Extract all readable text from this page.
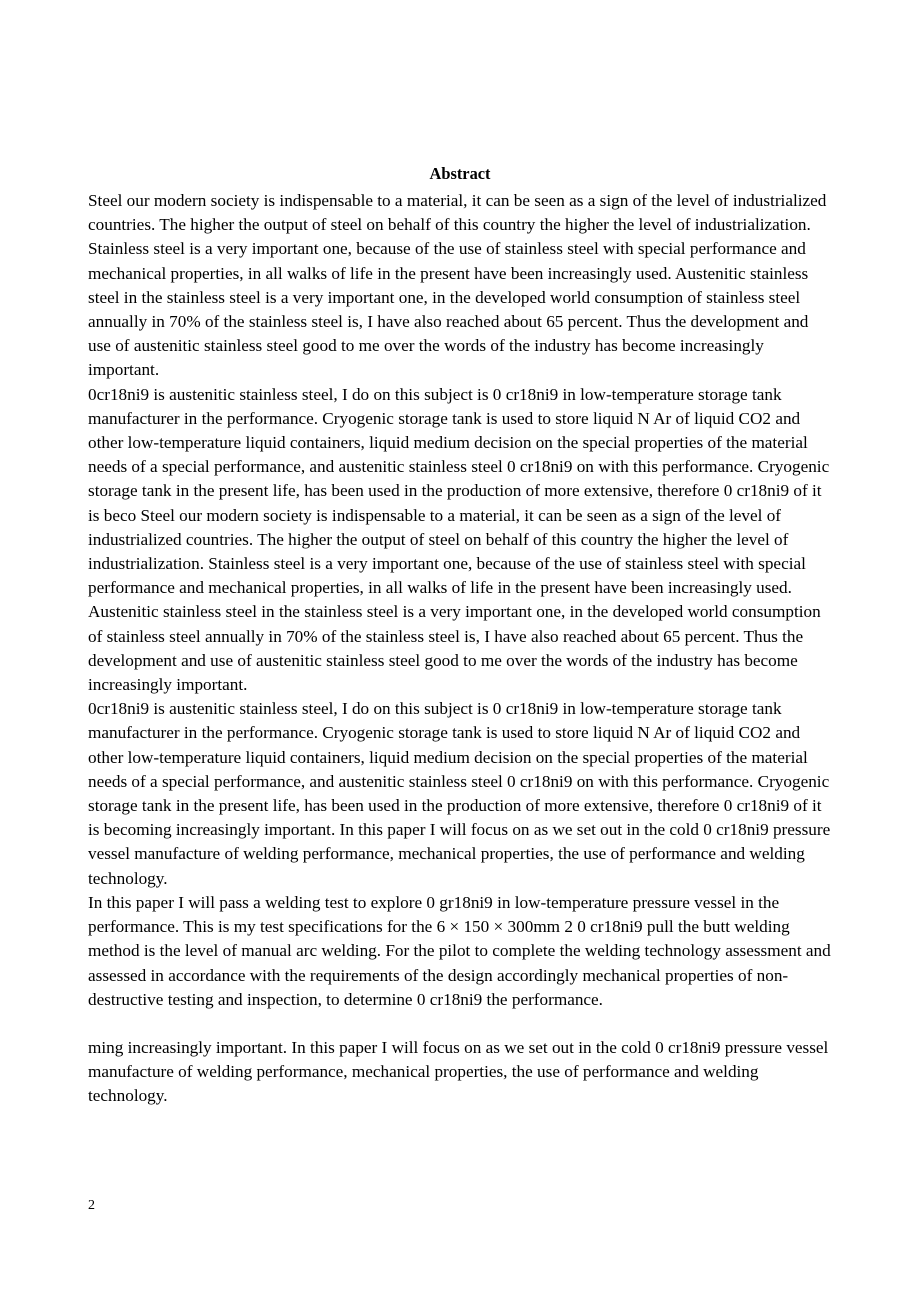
Abstract

Steel our modern society is indispensable to a material, it can be seen as a sign of the level of industrialized countries. The higher the output of steel on behalf of this country the higher the level of industrialization. Stainless steel is a very important one, because of the use of stainless steel with special performance and mechanical properties, in all walks of life in the present have been increasingly used. Austenitic stainless steel in the stainless steel is a very important one, in the developed world consumption of stainless steel annually in 70% of the stainless steel is, I have also reached about 65 percent. Thus the development and use of austenitic stainless steel good to me over the words of the industry has become increasingly important.

0cr18ni9 is austenitic stainless steel, I do on this subject is 0 cr18ni9 in low-temperature storage tank manufacturer in the performance. Cryogenic storage tank is used to store liquid N Ar of liquid CO2 and other low-temperature liquid containers, liquid medium decision on the special properties of the material needs of a special performance, and austenitic stainless steel 0 cr18ni9 on with this performance. Cryogenic storage tank in the present life, has been used in the production of more extensive, therefore 0 cr18ni9 of it is beco Steel our modern society is indispensable to a material, it can be seen as a sign of the level of industrialized countries. The higher the output of steel on behalf of this country the higher the level of industrialization. Stainless steel is a very important one, because of the use of stainless steel with special performance and mechanical properties, in all walks of life in the present have been increasingly used. Austenitic stainless steel in the stainless steel is a very important one, in the developed world consumption of stainless steel annually in 70% of the stainless steel is, I have also reached about 65 percent. Thus the development and use of austenitic stainless steel good to me over the words of the industry has become increasingly important.

0cr18ni9 is austenitic stainless steel, I do on this subject is 0 cr18ni9 in low-temperature storage tank manufacturer in the performance. Cryogenic storage tank is used to store liquid N Ar of liquid CO2 and other low-temperature liquid containers, liquid medium decision on the special properties of the material needs of a special performance, and austenitic stainless steel 0 cr18ni9 on with this performance. Cryogenic storage tank in the present life, has been used in the production of more extensive, therefore 0 cr18ni9 of it is becoming increasingly important. In this paper I will focus on as we set out in the cold 0 cr18ni9 pressure vessel manufacture of welding performance, mechanical properties, the use of performance and welding technology.

In this paper I will pass a welding test to explore 0 gr18ni9 in low-temperature pressure vessel in the performance. This is my test specifications for the 6 × 150 × 300mm 2 0 cr18ni9 pull the butt welding method is the level of manual arc welding. For the pilot to complete the welding technology assessment and assessed in accordance with the requirements of the design accordingly mechanical properties of non-destructive testing and inspection, to determine 0 cr18ni9 the performance.

ming increasingly important. In this paper I will focus on as we set out in the cold 0 cr18ni9 pressure vessel manufacture of welding performance, mechanical properties, the use of performance and welding technology.

2
